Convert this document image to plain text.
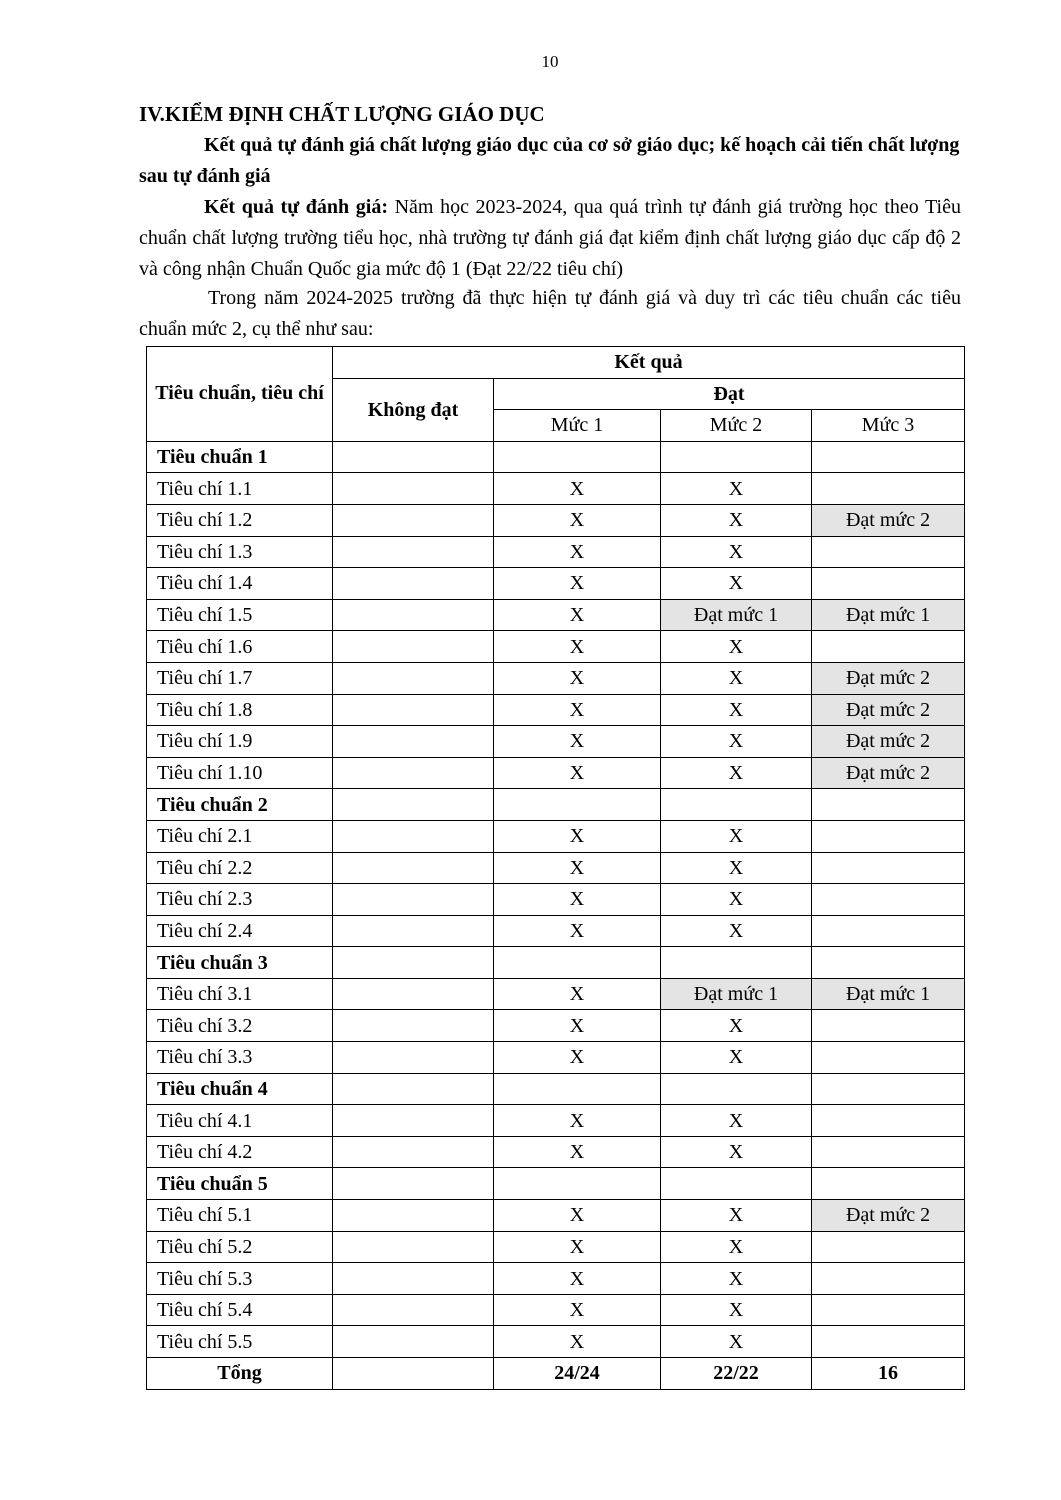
10
IV.KIỂM ĐỊNH CHẤT LƯỢNG GIÁO DỤC
Kết quả tự đánh giá chất lượng giáo dục của cơ sở giáo dục; kế hoạch cải tiến chất lượng sau tự đánh giá
Kết quả tự đánh giá: Năm học 2023-2024, qua quá trình tự đánh giá trường học theo Tiêu chuẩn chất lượng trường tiểu học, nhà trường tự đánh giá đạt kiểm định chất lượng giáo dục cấp độ 2 và công nhận Chuẩn Quốc gia mức độ 1 (Đạt 22/22 tiêu chí)
Trong năm 2024-2025 trường đã thực hiện tự đánh giá và duy trì các tiêu chuẩn các tiêu chuẩn mức 2, cụ thể như sau:
Tiêu chuẩn, tiêu chí	Kết quả			
	Không đạt	Đạt		
		Mức 1	Mức 2	Mức 3
Tiêu chuẩn 1				
Tiêu chí 1.1		X	X	
Tiêu chí 1.2		X	X	Đạt mức 2
Tiêu chí 1.3		X	X	
Tiêu chí 1.4		X	X	
Tiêu chí 1.5		X	Đạt mức 1	Đạt mức 1
Tiêu chí 1.6		X	X	
Tiêu chí 1.7		X	X	Đạt mức 2
Tiêu chí 1.8		X	X	Đạt mức 2
Tiêu chí 1.9		X	X	Đạt mức 2
Tiêu chí 1.10		X	X	Đạt mức 2
Tiêu chuẩn 2				
Tiêu chí 2.1		X	X	
Tiêu chí 2.2		X	X	
Tiêu chí 2.3		X	X	
Tiêu chí 2.4		X	X	
Tiêu chuẩn 3				
Tiêu chí 3.1		X	Đạt mức 1	Đạt mức 1
Tiêu chí 3.2		X	X	
Tiêu chí 3.3		X	X	
Tiêu chuẩn 4				
Tiêu chí 4.1		X	X	
Tiêu chí 4.2		X	X	
Tiêu chuẩn 5				
Tiêu chí 5.1		X	X	Đạt mức 2
Tiêu chí 5.2		X	X	
Tiêu chí 5.3		X	X	
Tiêu chí 5.4		X	X	
Tiêu chí 5.5		X	X	
Tổng		24/24	22/22	16
